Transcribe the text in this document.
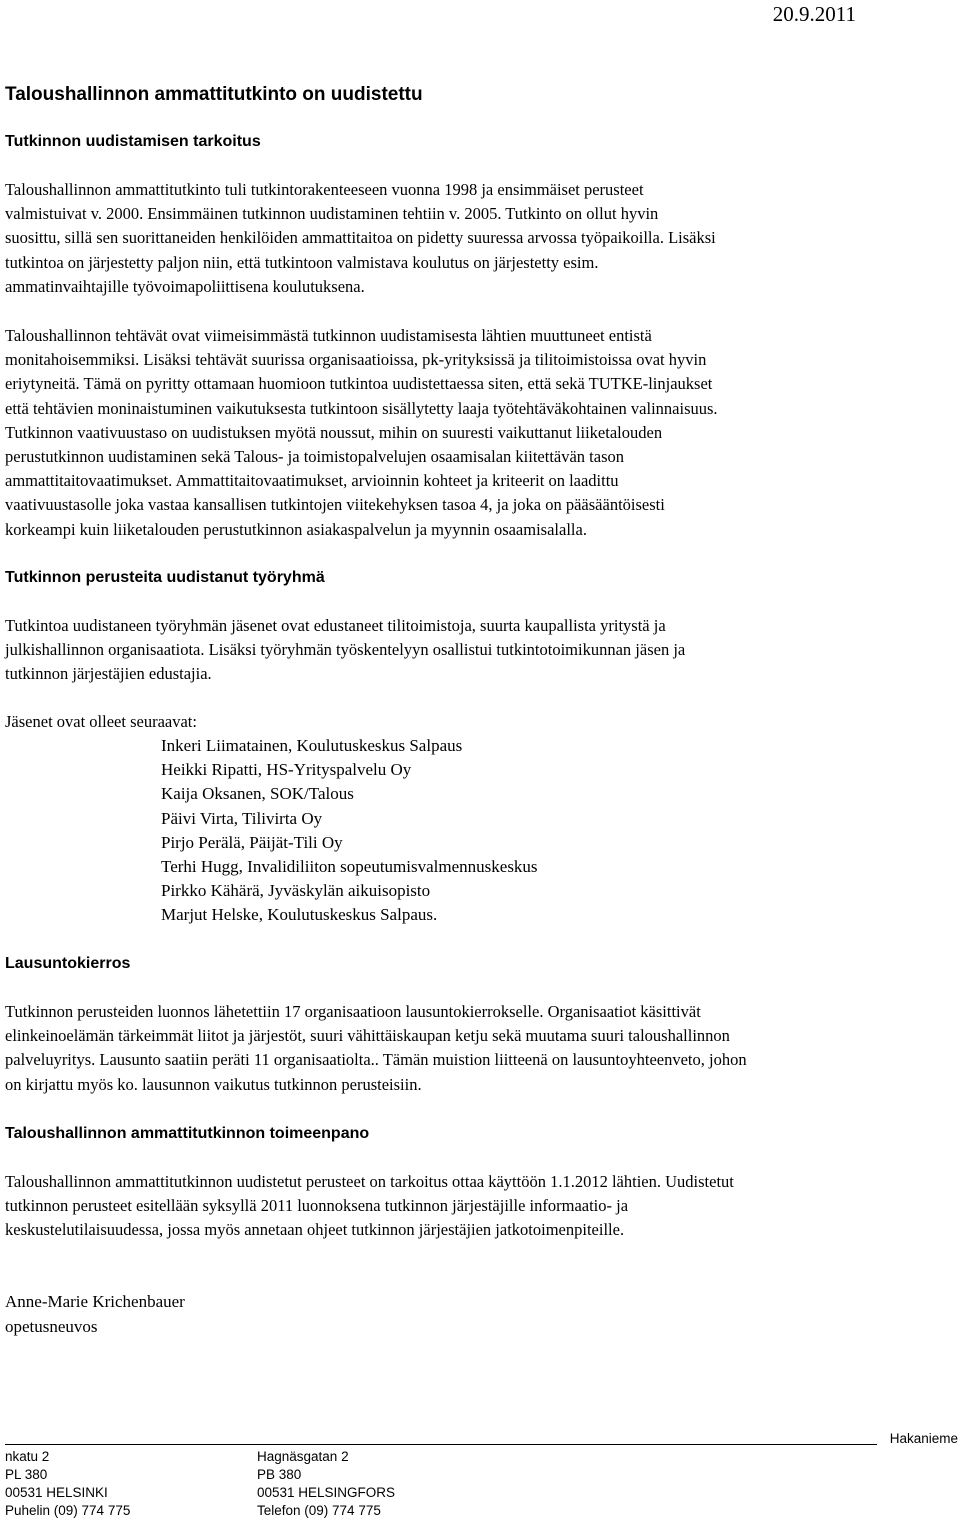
20.9.2011
Taloushallinnon ammattitutkinto on uudistettu
Tutkinnon uudistamisen tarkoitus
Taloushallinnon ammattitutkinto tuli tutkintorakenteeseen vuonna 1998 ja ensimmäiset perusteet
valmistuivat v. 2000. Ensimmäinen tutkinnon uudistaminen tehtiin v. 2005. Tutkinto on ollut hyvin
suosittu, sillä sen suorittaneiden henkilöiden ammattitaitoa on pidetty suuressa arvossa työpaikoilla. Lisäksi
tutkintoa on järjestetty paljon niin, että tutkintoon valmistava koulutus on järjestetty esim.
ammatinvaihtajille työvoimapoliittisena koulutuksena.
Taloushallinnon tehtävät ovat viimeisimmästä tutkinnon uudistamisesta lähtien muuttuneet entistä
monitahoisemmiksi. Lisäksi tehtävät suurissa organisaatioissa, pk-yrityksissä ja tilitoimistoissa ovat hyvin
eriytyneitä. Tämä on pyritty ottamaan huomioon tutkintoa uudistettaessa siten, että sekä TUTKE-linjaukset
että tehtävien moninaistuminen vaikutuksesta tutkintoon sisällytetty laaja työtehtäväkohtainen valinnaisuus.
Tutkinnon vaativuustaso on uudistuksen myötä noussut, mihin on suuresti vaikuttanut liiketalouden
perustutkinnon uudistaminen sekä Talous- ja toimistopalvelujen osaamisalan kiitettävän tason
ammattitaitovaatimukset. Ammattitaitovaatimukset, arvioinnin kohteet ja kriteerit on laadittu
vaativuustasolle joka vastaa kansallisen tutkintojen viitekehyksen tasoa 4, ja joka on pääsääntöisesti
korkeampi kuin liiketalouden perustutkinnon asiakaspalvelun ja myynnin osaamisalalla.
Tutkinnon perusteita uudistanut työryhmä
Tutkintoa uudistaneen työryhmän jäsenet ovat edustaneet tilitoimistoja, suurta kaupallista yritystä ja
julkishallinnon organisaatiota. Lisäksi työryhmän työskentelyyn osallistui tutkintotoimikunnan jäsen ja
tutkinnon järjestäjien edustajia.
Jäsenet ovat olleet seuraavat:
Inkeri Liimatainen, Koulutuskeskus Salpaus
Heikki Ripatti, HS-Yrityspalvelu Oy
Kaija Oksanen, SOK/Talous
Päivi Virta, Tilivirta Oy
Pirjo Perälä, Päijät-Tili Oy
Terhi Hugg, Invalidiliiton sopeutumisvalmennuskeskus
Pirkko Kähärä, Jyväskylän aikuisopisto
Marjut Helske, Koulutuskeskus Salpaus.
Lausuntokierros
Tutkinnon perusteiden luonnos lähetettiin 17 organisaatioon lausuntokierrokselle. Organisaatiot käsittivät
elinkeinoelämän tärkeimmät liitot ja järjestöt, suuri vähittäiskaupan ketju sekä muutama suuri taloushallinnon
palveluyritys. Lausunto saatiin peräti 11 organisaatiolta.. Tämän muistion liitteenä on lausuntoyhteenveto, johon
on kirjattu myös ko. lausunnon vaikutus tutkinnon perusteisiin.
Taloushallinnon ammattitutkinnon toimeenpano
Taloushallinnon ammattitutkinnon uudistetut perusteet on tarkoitus ottaa käyttöön 1.1.2012 lähtien. Uudistetut
tutkinnon perusteet esitellään syksyllä 2011 luonnoksena tutkinnon järjestäjille informaatio- ja
keskustelutilaisuudessa, jossa myös annetaan ohjeet tutkinnon järjestäjien jatkotoimenpiteille.
Anne-Marie Krichenbauer
opetusneuvos
Hakanieme
nkatu 2
PL 380
00531 HELSINKI
Puhelin (09) 774 775
Hagnäsgatan 2
PB 380
00531 HELSINGFORS
Telefon (09) 774 775
